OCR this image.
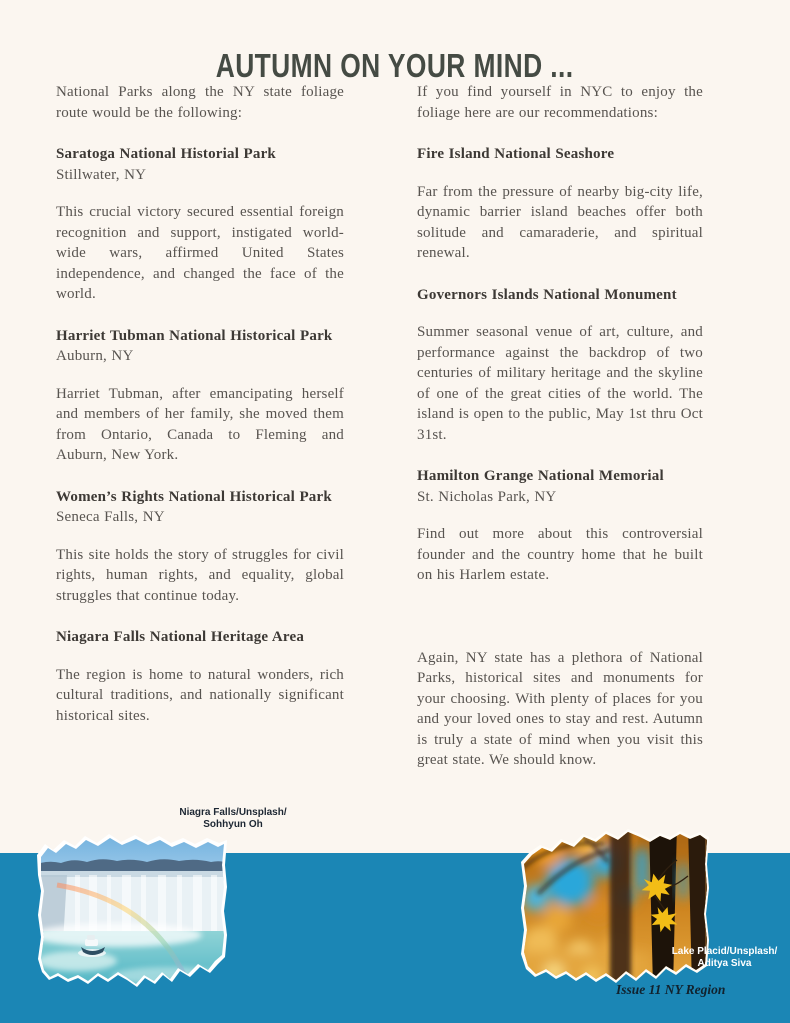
AUTUMN ON YOUR MIND ...

National Parks along the NY state foliage route would be the following:

Saratoga National Historial Park

Stillwater, NY

This crucial victory secured essential foreign recognition and support, instigated world-wide wars, affirmed United States independence, and changed the face of the world.

Harriet Tubman National Historical Park

Auburn, NY

Harriet Tubman, after emancipating herself and members of her family, she moved them from Ontario, Canada to Fleming and Auburn, New York.

Women’s Rights National Historical Park

Seneca Falls, NY

This site holds the story of struggles for civil rights, human rights, and equality, global struggles that continue today.

Niagara Falls National Heritage Area

The region is home to natural wonders, rich cultural traditions, and nationally significant historical sites.

If you find yourself in NYC to enjoy the foliage here are our recommendations:

Fire Island National Seashore

Far from the pressure of nearby big-city life, dynamic barrier island beaches offer both solitude and camaraderie, and spiritual renewal.

Governors Islands National Monument

Summer seasonal venue of art, culture, and performance against the backdrop of two centuries of military heritage and the skyline of one of the great cities of the world. The island is open to the public, May 1st thru Oct 31st.

Hamilton Grange National Memorial

St. Nicholas Park, NY

Find out more about this controversial founder and the country home that he built on his Harlem estate.

Again, NY state has a plethora of National Parks, historical sites and monuments for your choosing. With plenty of places for you and your loved ones to stay and rest. Autumn is truly a state of mind when you visit this great state. We should know.

Niagra Falls/Unsplash/
Sohhyun Oh
Lake Placid/Unsplash/
Aditya Siva
Issue 11 NY Region
